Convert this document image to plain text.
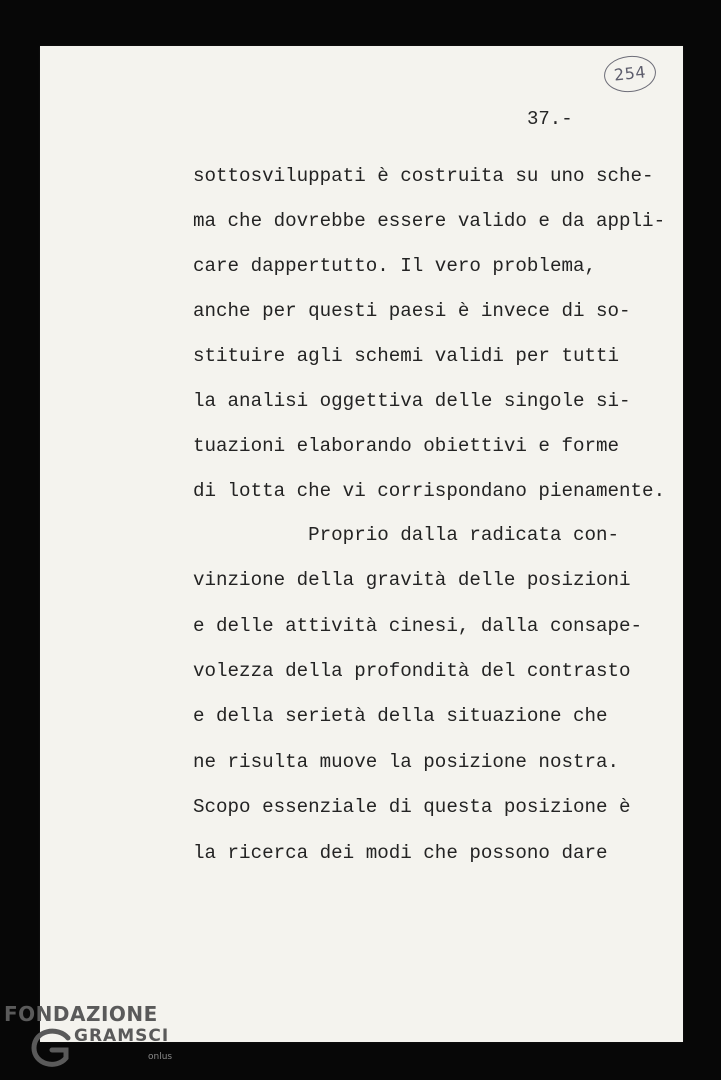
254
37.-
sottosviluppati è costruita su uno sche-
ma che dovrebbe essere valido e da appli-
care dappertutto. Il vero problema,
anche per questi paesi è invece di so-
stituire agli schemi validi per tutti
la analisi oggettiva delle singole si-
tuazioni elaborando obiettivi e forme
di lotta che vi corrispondano pienamente.
Proprio dalla radicata con-
vinzione della gravità delle posizioni
e delle attività cinesi, dalla consape-
volezza della profondità del contrasto
e della serietà della situazione che
ne risulta muove la posizione nostra.
Scopo essenziale di questa posizione è
la ricerca dei modi che possono dare
FONDAZIONE
GRAMSCI
onlus
